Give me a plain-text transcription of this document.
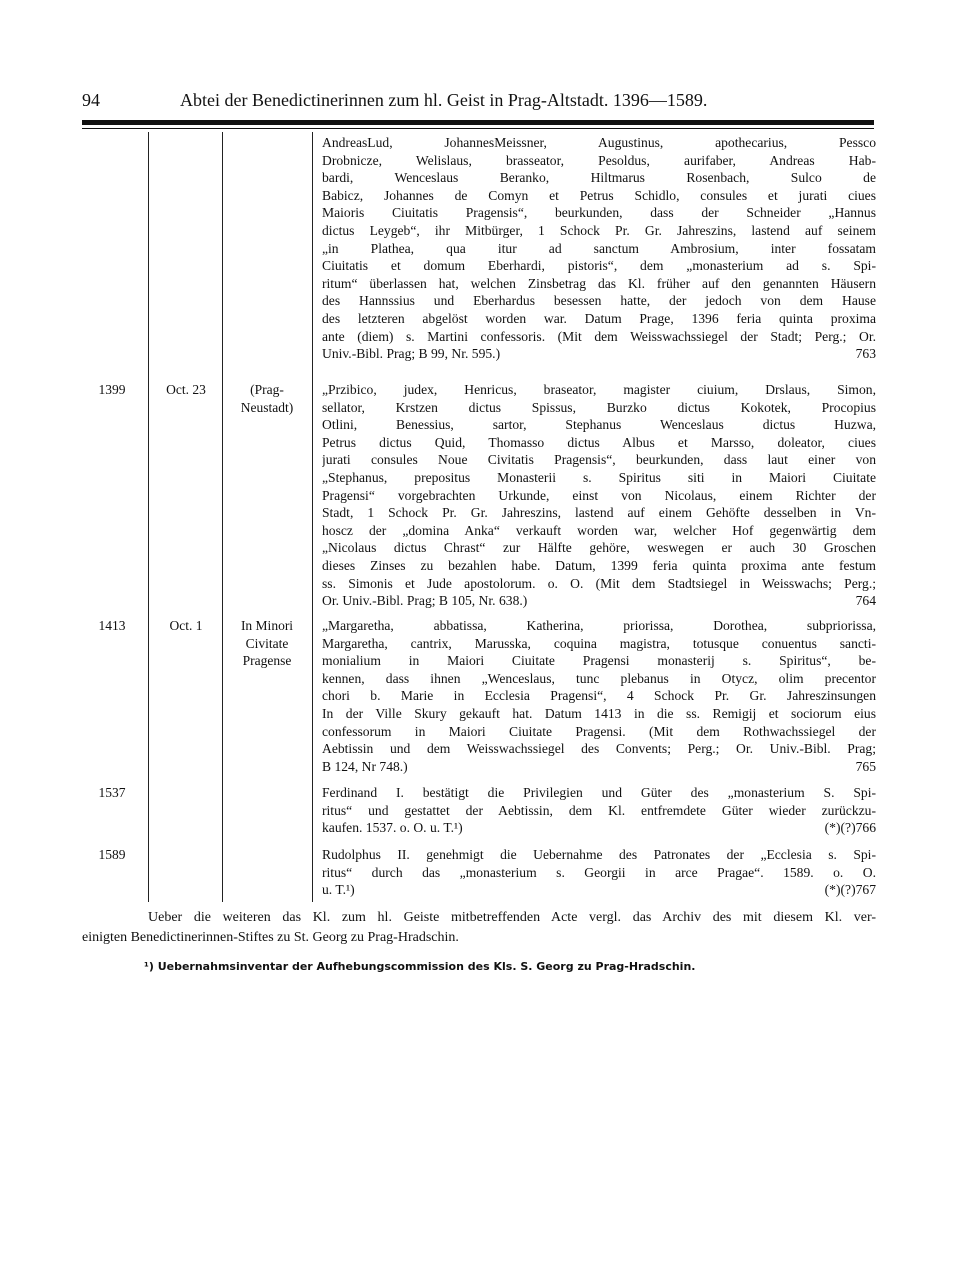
94	Abtei der Benedictinerinnen zum hl. Geist in Prag-Altstadt. 1396—1589.
AndreasLud, JohannesMeissner, Augustinus, apothecarius, Pessco
Drobnicze, Welislaus, brasseator, Pesoldus, aurifaber, Andreas Hab-
bardi, Wenceslaus Beranko, Hiltmarus Rosenbach, Sulco de
Babicz, Johannes de Comyn et Petrus Schidlo, consules et jurati ciues
Maioris Ciuitatis Pragensis“, beurkunden, dass der Schneider „Hannus
dictus Leygeb“, ihr Mitbürger, 1 Schock Pr. Gr. Jahreszins, lastend auf seinem
„in Plathea, qua itur ad sanctum Ambrosium, inter fossatam
Ciuitatis et domum Eberhardi, pistoris“, dem „monasterium ad s. Spi-
ritum“ überlassen hat, welchen Zinsbetrag das Kl. früher auf den genannten Häusern
des Hannssius und Eberhardus besessen hatte, der jedoch von dem Hause
des letzteren abgelöst worden war. Datum Prage, 1396 feria quinta proxima
ante (diem) s. Martini confessoris. (Mit dem Weisswachssiegel der Stadt; Perg.; Or.
Univ.-Bibl. Prag; B 99, Nr. 595.)	763
1399	Oct. 23	(Prag-
Neustadt)
„Przibico, judex, Henricus, braseator, magister ciuium, Drslaus, Simon,
sellator, Krstzen dictus Spissus, Burzko dictus Kokotek, Procopius
Otlini, Benessius, sartor, Stephanus Wenceslaus dictus Huzwa,
Petrus dictus Quid, Thomasso dictus Albus et Marsso, doleator, ciues
jurati consules Noue Civitatis Pragensis“, beurkunden, dass laut einer von
„Stephanus, prepositus Monasterii s. Spiritus siti in Maiori Ciuitate
Pragensi“ vorgebrachten Urkunde, einst von Nicolaus, einem Richter der
Stadt, 1 Schock Pr. Gr. Jahreszins, lastend auf einem Gehöfte desselben in Vn-
hoscz der „domina Anka“ verkauft worden war, welcher Hof gegenwärtig dem
„Nicolaus dictus Chrast“ zur Hälfte gehöre, weswegen er auch 30 Groschen
dieses Zinses zu bezahlen habe. Datum, 1399 feria quinta proxima ante festum
ss. Simonis et Jude apostolorum. o. O. (Mit dem Stadtsiegel in Weisswachs; Perg.;
Or. Univ.-Bibl. Prag; B 105, Nr. 638.)	764
1413	Oct. 1	In Minori
Civitate
Pragense
„Margaretha, abbatissa, Katherina, priorissa, Dorothea, subpriorissa,
Margaretha, cantrix, Marusska, coquina magistra, totusque conuentus sancti-
monialium in Maiori Ciuitate Pragensi monasterij s. Spiritus“, be-
kennen, dass ihnen „Wenceslaus, tunc plebanus in Otycz, olim precentor
chori b. Marie in Ecclesia Pragensi“, 4 Schock Pr. Gr. Jahreszinsungen
In der Ville Skury gekauft hat. Datum 1413 in die ss. Remigij et sociorum eius
confessorum in Maiori Ciuitate Pragensi. (Mit dem Rothwachssiegel der
Aebtissin und dem Weisswachssiegel des Convents; Perg.; Or. Univ.-Bibl. Prag;
B 124, Nr 748.)	765
1537	Ferdinand I. bestätigt die Privilegien und Güter des „monasterium S. Spi-
ritus“ und gestattet der Aebtissin, dem Kl. entfremdete Güter wieder zurückzu-
kaufen. 1537. o. O. u. T.¹)	(*)(?)766
1589	Rudolphus II. genehmigt die Uebernahme des Patronates der „Ecclesia s. Spi-
ritus“ durch das „monasterium s. Georgii in arce Pragae“. 1589. o. O.
u. T.¹)	(*)(?)767
Ueber die weiteren das Kl. zum hl. Geiste mitbetreffenden Acte vergl. das Archiv des mit diesem Kl. ver-
einigten Benedictinerinnen-Stiftes zu St. Georg zu Prag-Hradschin.
¹) Uebernahmsinventar der Aufhebungscommission des Kls. S. Georg zu Prag-Hradschin.
